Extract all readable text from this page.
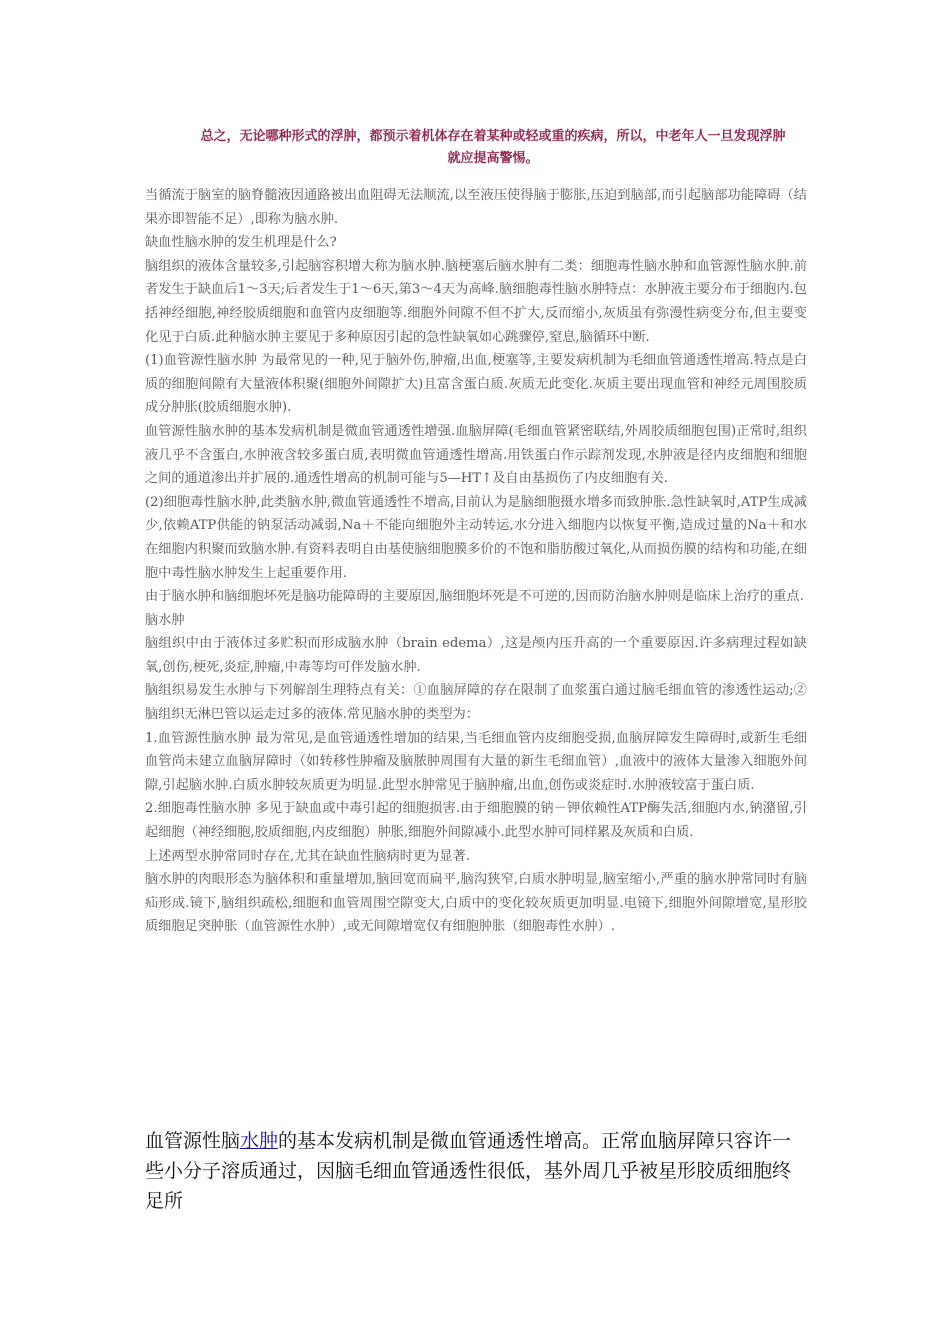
总之，无论哪种形式的浮肿，都预示着机体存在着某种或轻或重的疾病，所以，中老年人一旦发现浮肿
就应提高警惕。

当循流于脑室的脑脊髓液因通路被出血阻碍无法顺流,以至液压使得脑于膨胀,压迫到脑部,而引起脑部功能障碍（结果亦即智能不足）,即称为脑水肿.

缺血性脑水肿的发生机理是什么?

脑组织的液体含量较多,引起脑容积增大称为脑水肿.脑梗塞后脑水肿有二类：细胞毒性脑水肿和血管源性脑水肿.前者发生于缺血后1～3天;后者发生于1～6天,第3～4天为高峰.脑细胞毒性脑水肿特点：水肿液主要分布于细胞内.包括神经细胞,神经胶质细胞和血管内皮细胞等.细胞外间隙不但不扩大,反而缩小,灰质虽有弥漫性病变分布,但主要变化见于白质.此种脑水肿主要见于多种原因引起的急性缺氧如心跳骤停,窒息,脑循环中断.

(1)血管源性脑水肿 为最常见的一种,见于脑外伤,肿瘤,出血,梗塞等,主要发病机制为毛细血管通透性增高.特点是白质的细胞间隙有大量液体积聚(细胞外间隙扩大)且富含蛋白质.灰质无此变化.灰质主要出现血管和神经元周围胶质成分肿胀(胶质细胞水肿).

血管源性脑水肿的基本发病机制是微血管通透性增强.血脑屏障(毛细血管紧密联结,外周胶质细胞包围)正常时,组织液几乎不含蛋白,水肿液含较多蛋白质,表明微血管通透性增高.用铁蛋白作示踪剂发现,水肿液是径内皮细胞和细胞之间的通道渗出并扩展的.通透性增高的机制可能与5—HT↑及自由基损伤了内皮细胞有关.

(2)细胞毒性脑水肿,此类脑水肿,微血管通透性不增高,目前认为是脑细胞摄水增多而致肿胀.急性缺氧时,ATP生成减少,依赖ATP供能的钠泵活动减弱,Na＋不能向细胞外主动转运,水分进入细胞内以恢复平衡,造成过量的Na＋和水在细胞内积聚而致脑水肿.有资料表明自由基使脑细胞膜多价的不饱和脂肪酸过氧化,从而损伤膜的结构和功能,在细胞中毒性脑水肿发生上起重要作用.

由于脑水肿和脑细胞坏死是脑功能障碍的主要原因,脑细胞坏死是不可逆的,因而防治脑水肿则是临床上治疗的重点.

脑水肿

脑组织中由于液体过多贮积而形成脑水肿（brain edema）,这是颅内压升高的一个重要原因.许多病理过程如缺氧,创伤,梗死,炎症,肿瘤,中毒等均可伴发脑水肿.

脑组织易发生水肿与下列解剖生理特点有关：①血脑屏障的存在限制了血浆蛋白通过脑毛细血管的渗透性运动;② 脑组织无淋巴管以运走过多的液体.常见脑水肿的类型为：

1.血管源性脑水肿 最为常见,是血管通透性增加的结果,当毛细血管内皮细胞受损,血脑屏障发生障碍时,或新生毛细血管尚未建立血脑屏障时（如转移性肿瘤及脑脓肿周围有大量的新生毛细血管）,血液中的液体大量渗入细胞外间隙,引起脑水肿.白质水肿较灰质更为明显.此型水肿常见于脑肿瘤,出血,创伤或炎症时.水肿液较富于蛋白质.

2.细胞毒性脑水肿 多见于缺血或中毒引起的细胞损害.由于细胞膜的钠－钾依赖性ATP酶失活,细胞内水,钠潴留,引起细胞（神经细胞,胶质细胞,内皮细胞）肿胀,细胞外间隙减小.此型水肿可同样累及灰质和白质.

上述两型水肿常同时存在,尤其在缺血性脑病时更为显著.

脑水肿的肉眼形态为脑体积和重量增加,脑回宽而扁平,脑沟狭窄,白质水肿明显,脑室缩小,严重的脑水肿常同时有脑疝形成.镜下,脑组织疏松,细胞和血管周围空隙变大,白质中的变化较灰质更加明显.电镜下,细胞外间隙增宽,星形胶质细胞足突肿胀（血管源性水肿）,或无间隙增宽仅有细胞肿胀（细胞毒性水肿）.

血管源性脑水肿的基本发病机制是微血管通透性增高。正常血脑屏障只容许一些小分子溶质通过，因脑毛细血管通透性很低，基外周几乎被星形胶质细胞终足所
